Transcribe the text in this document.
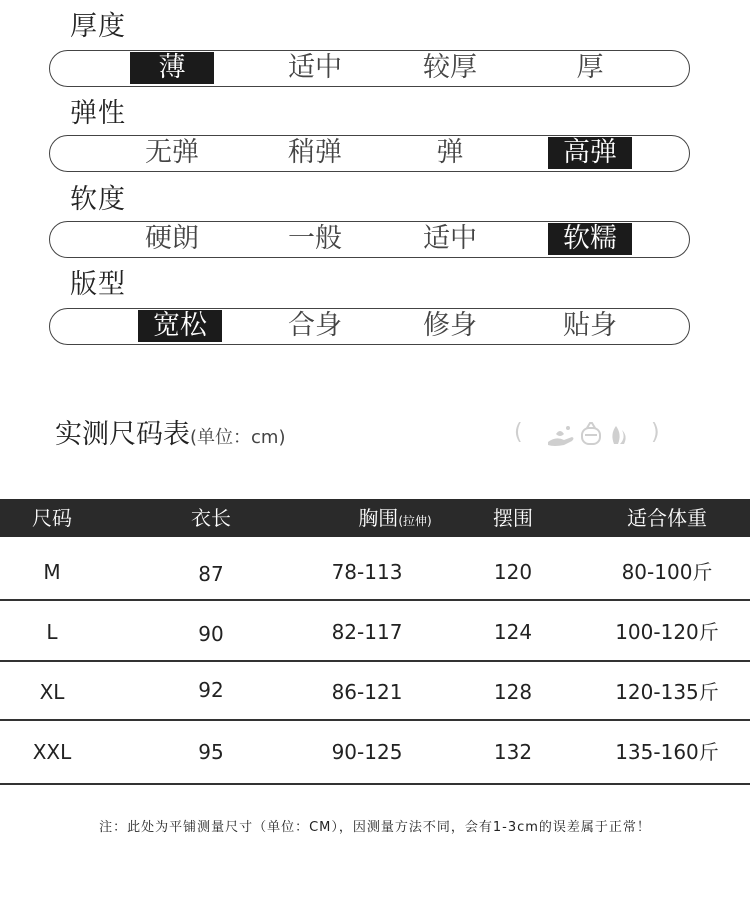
厚度
薄	适中	较厚	厚
弹性
无弹	稍弹	弹	高弹
软度
硬朗	一般	适中	软糯
版型
宽松	合身	修身	贴身
实测尺码表(单位：cm)	(	)
尺码	衣长	胸围(拉伸)	摆围	适合体重
M	87	78-113	120	80-100斤
L	90	82-117	124	100-120斤
XL	92	86-121	128	120-135斤
XXL	95	90-125	132	135-160斤
注：此处为平铺测量尺寸（单位：CM），因测量方法不同，会有1-3cm的误差属于正常！
